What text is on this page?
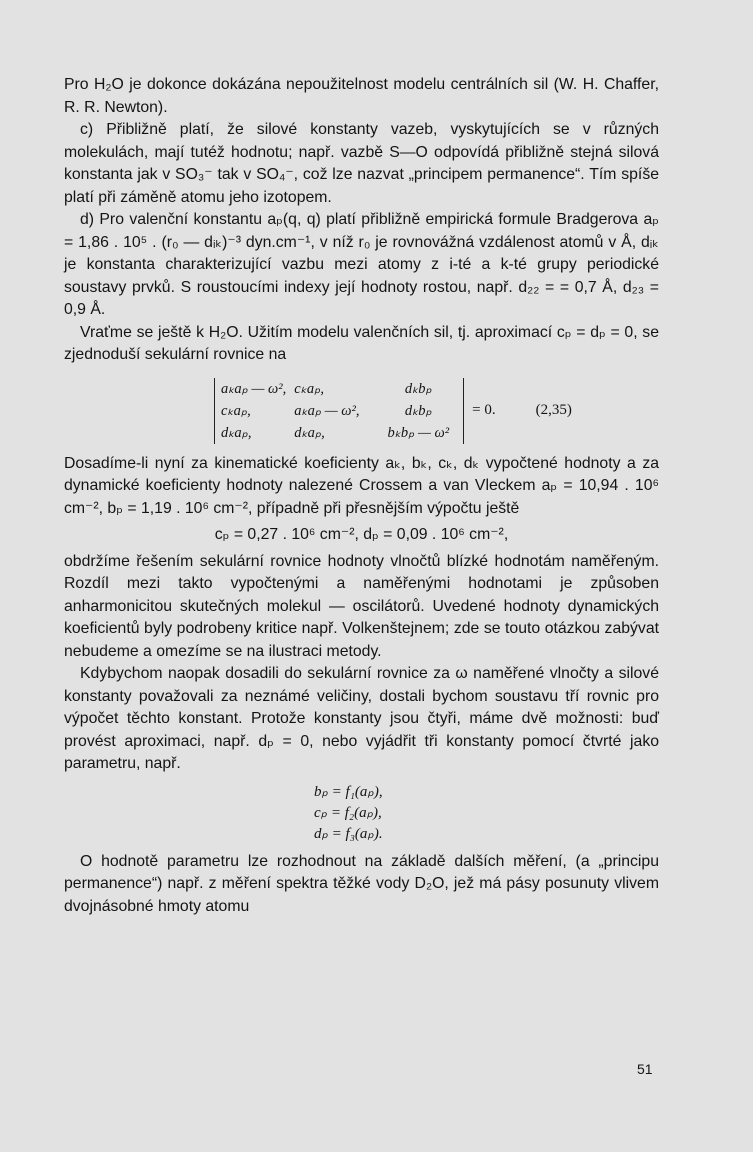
Pro H₂O je dokonce dokázána nepoužitelnost modelu centrálních sil (W. H. Chaffer, R. R. Newton).

c) Přibližně platí, že silové konstanty vazeb, vyskytujících se v různých molekulách, mají tutéž hodnotu; např. vazbě S—O odpovídá přibližně stejná silová konstanta jak v SO₃⁻ tak v SO₄⁻, což lze nazvat „principem permanence“. Tím spíše platí při záměně atomu jeho izotopem.

d) Pro valenční konstantu aₚ(q, q) platí přibližně empirická formule Bradgerova aₚ = 1,86 . 10⁵ . (r₀ — dᵢₖ)⁻³ dyn.cm⁻¹, v níž r₀ je rovnovážná vzdálenost atomů v Å, dᵢₖ je konstanta charakterizující vazbu mezi atomy z i-té a k-té grupy periodické soustavy prvků. S roustoucími indexy její hodnoty rostou, např. d₂₂ = = 0,7 Å, d₂₃ = 0,9 Å.

Vraťme se ještě k H₂O. Užitím modelu valenčních sil, tj. aproximací cₚ = dₚ = 0, se zjednoduší sekulární rovnice na

aₖaₚ — ω²,	cₖaₚ,	dₖbₚ
cₖaₚ,	aₖaₚ — ω²,	dₖbₚ
dₖaₚ,	dₖaₚ,	bₖbₚ — ω²
= 0.	(2,35)

Dosadíme-li nyní za kinematické koeficienty aₖ, bₖ, cₖ, dₖ vypočtené hodnoty a za dynamické koeficienty hodnoty nalezené Crossem a van Vleckem aₚ = 10,94 . 10⁶ cm⁻², bₚ = 1,19 . 10⁶ cm⁻², případně při přesnějším výpočtu ještě

cₚ = 0,27 . 10⁶ cm⁻², dₚ = 0,09 . 10⁶ cm⁻²,

obdržíme řešením sekulární rovnice hodnoty vlnočtů blízké hodnotám naměřeným. Rozdíl mezi takto vypočtenými a naměřenými hodnotami je způsoben anharmonicitou skutečných molekul — oscilátorů. Uvedené hodnoty dynamických koeficientů byly podrobeny kritice např. Volkenštejnem; zde se touto otázkou zabývat nebudeme a omezíme se na ilustraci metody.

Kdybychom naopak dosadili do sekulární rovnice za ω naměřené vlnočty a silové konstanty považovali za neznámé veličiny, dostali bychom soustavu tří rovnic pro výpočet těchto konstant. Protože konstanty jsou čtyři, máme dvě možnosti: buď provést aproximaci, např. dₚ = 0, nebo vyjádřit tři konstanty pomocí čtvrté jako parametru, např.

bₚ = f₁(aₚ),
cₚ = f₂(aₚ),
dₚ = f₃(aₚ).

O hodnotě parametru lze rozhodnout na základě dalších měření, (a „principu permanence“) např. z měření spektra těžké vody D₂O, jež má pásy posunuty vlivem dvojnásobné hmoty atomu

51
